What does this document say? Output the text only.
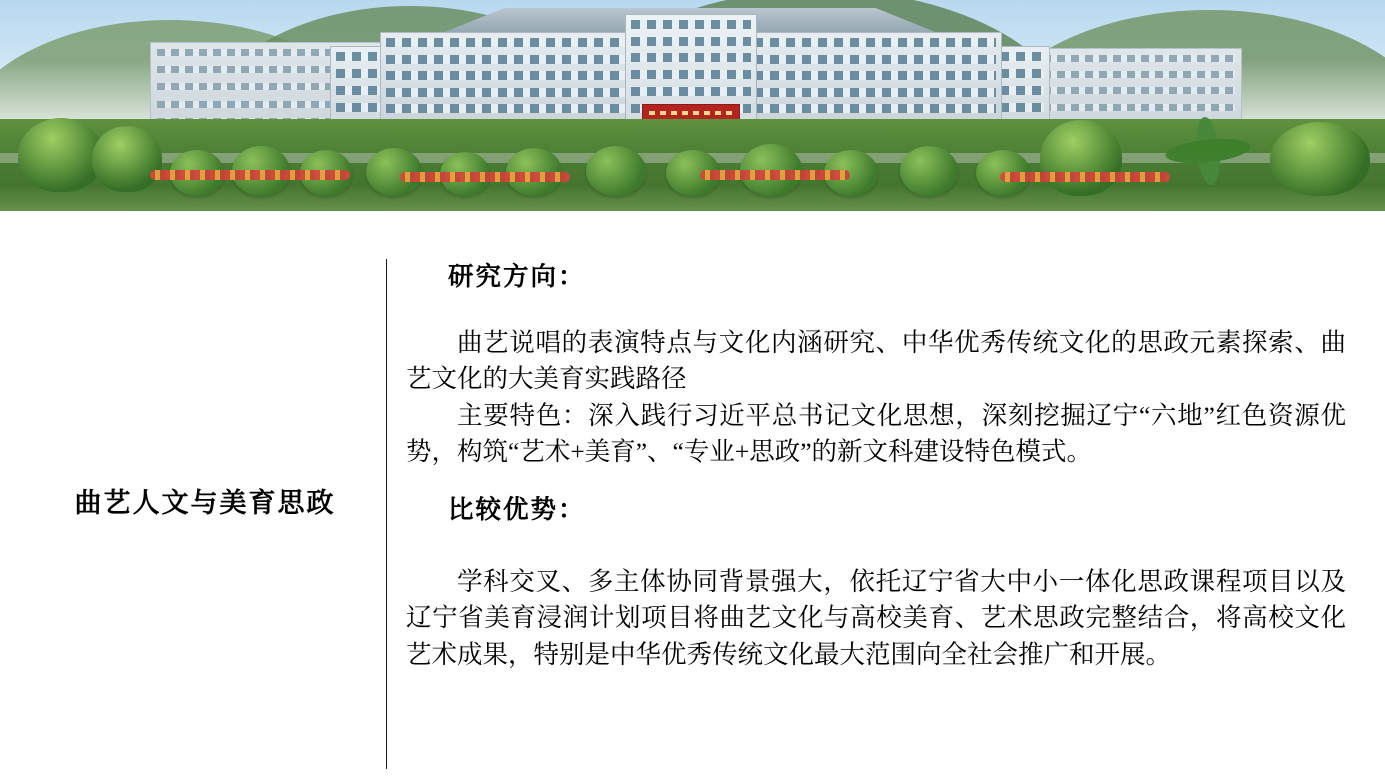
曲艺人文与美育思政

研究方向：

曲艺说唱的表演特点与文化内涵研究、中华优秀传统文化的思政元素探索、曲艺文化的大美育实践路径

主要特色：深入践行习近平总书记文化思想，深刻挖掘辽宁“六地”红色资源优势，构筑“艺术+美育”、“专业+思政”的新文科建设特色模式。

比较优势：

学科交叉、多主体协同背景强大，依托辽宁省大中小一体化思政课程项目以及辽宁省美育浸润计划项目将曲艺文化与高校美育、艺术思政完整结合，将高校文化艺术成果，特别是中华优秀传统文化最大范围向全社会推广和开展。
